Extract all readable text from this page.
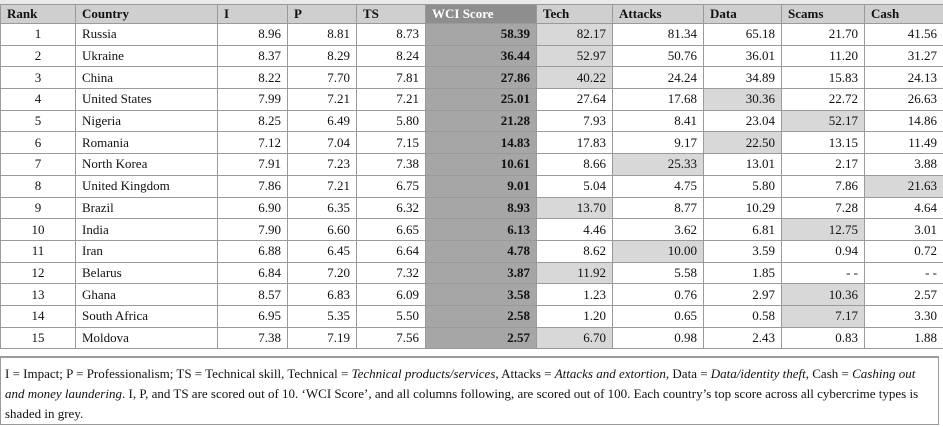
Rank	Country	I	P	TS	WCI Score	Tech	Attacks	Data	Scams	Cash
1	Russia	8.96	8.81	8.73	58.39	82.17	81.34	65.18	21.70	41.56
2	Ukraine	8.37	8.29	8.24	36.44	52.97	50.76	36.01	11.20	31.27
3	China	8.22	7.70	7.81	27.86	40.22	24.24	34.89	15.83	24.13
4	United States	7.99	7.21	7.21	25.01	27.64	17.68	30.36	22.72	26.63
5	Nigeria	8.25	6.49	5.80	21.28	7.93	8.41	23.04	52.17	14.86
6	Romania	7.12	7.04	7.15	14.83	17.83	9.17	22.50	13.15	11.49
7	North Korea	7.91	7.23	7.38	10.61	8.66	25.33	13.01	2.17	3.88
8	United Kingdom	7.86	7.21	6.75	9.01	5.04	4.75	5.80	7.86	21.63
9	Brazil	6.90	6.35	6.32	8.93	13.70	8.77	10.29	7.28	4.64
10	India	7.90	6.60	6.65	6.13	4.46	3.62	6.81	12.75	3.01
11	Iran	6.88	6.45	6.64	4.78	8.62	10.00	3.59	0.94	0.72
12	Belarus	6.84	7.20	7.32	3.87	11.92	5.58	1.85	- -	- -
13	Ghana	8.57	6.83	6.09	3.58	1.23	0.76	2.97	10.36	2.57
14	South Africa	6.95	5.35	5.50	2.58	1.20	0.65	0.58	7.17	3.30
15	Moldova	7.38	7.19	7.56	2.57	6.70	0.98	2.43	0.83	1.88
I = Impact; P = Professionalism; TS = Technical skill, Technical = Technical products/services, Attacks = Attacks and extortion, Data = Data/identity theft, Cash = Cashing out and money laundering. I, P, and TS are scored out of 10. ‘WCI Score’, and all columns following, are scored out of 100. Each country’s top score across all cybercrime types is shaded in grey.
